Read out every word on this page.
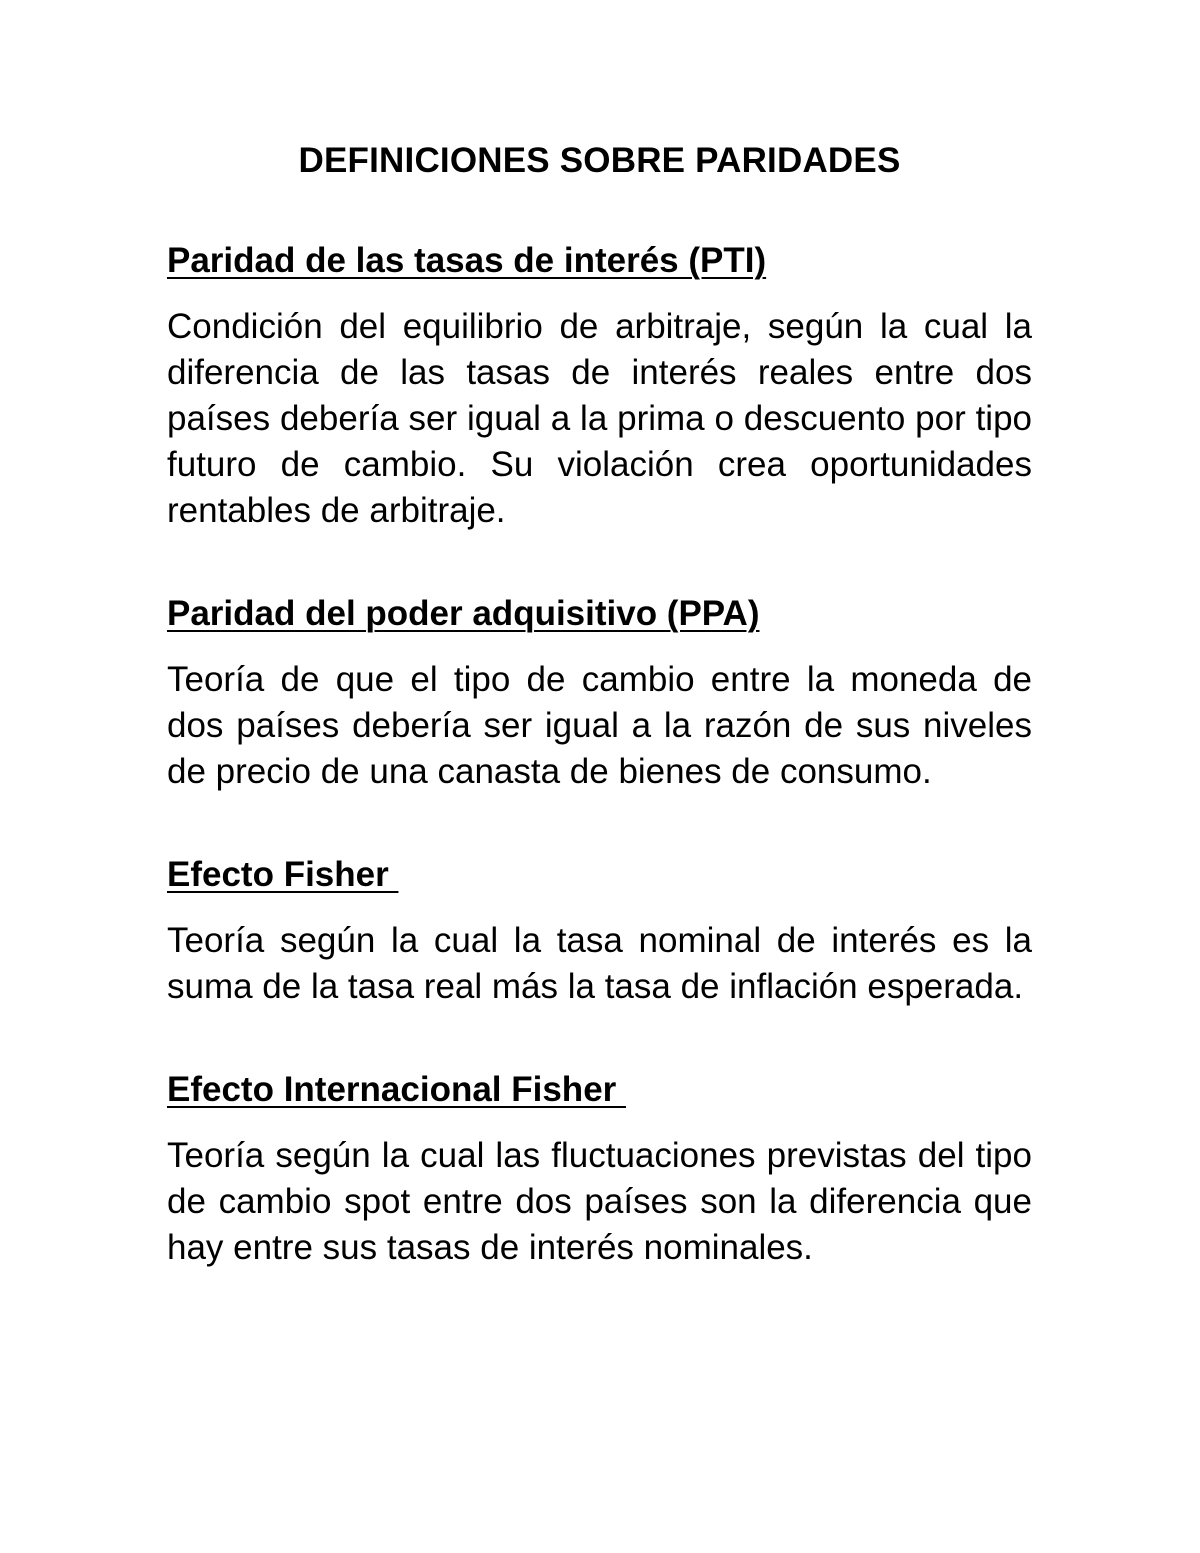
DEFINICIONES SOBRE PARIDADES
Paridad de las tasas de interés (PTI)

Condición del equilibrio de arbitraje, según la cual la diferencia de las tasas de interés reales entre dos países debería ser igual a la prima o descuento por tipo futuro de cambio. Su violación crea oportunidades rentables de arbitraje.

Paridad del poder adquisitivo (PPA)

Teoría de que el tipo de cambio entre la moneda de dos países debería ser igual a la razón de sus niveles de precio de una canasta de bienes de consumo.

Efecto Fisher

Teoría según la cual la tasa nominal de interés es la suma de la tasa real más la tasa de inflación esperada.

Efecto Internacional Fisher

Teoría según la cual las fluctuaciones previstas del tipo de cambio spot entre dos países son la diferencia que hay entre sus tasas de interés nominales.
